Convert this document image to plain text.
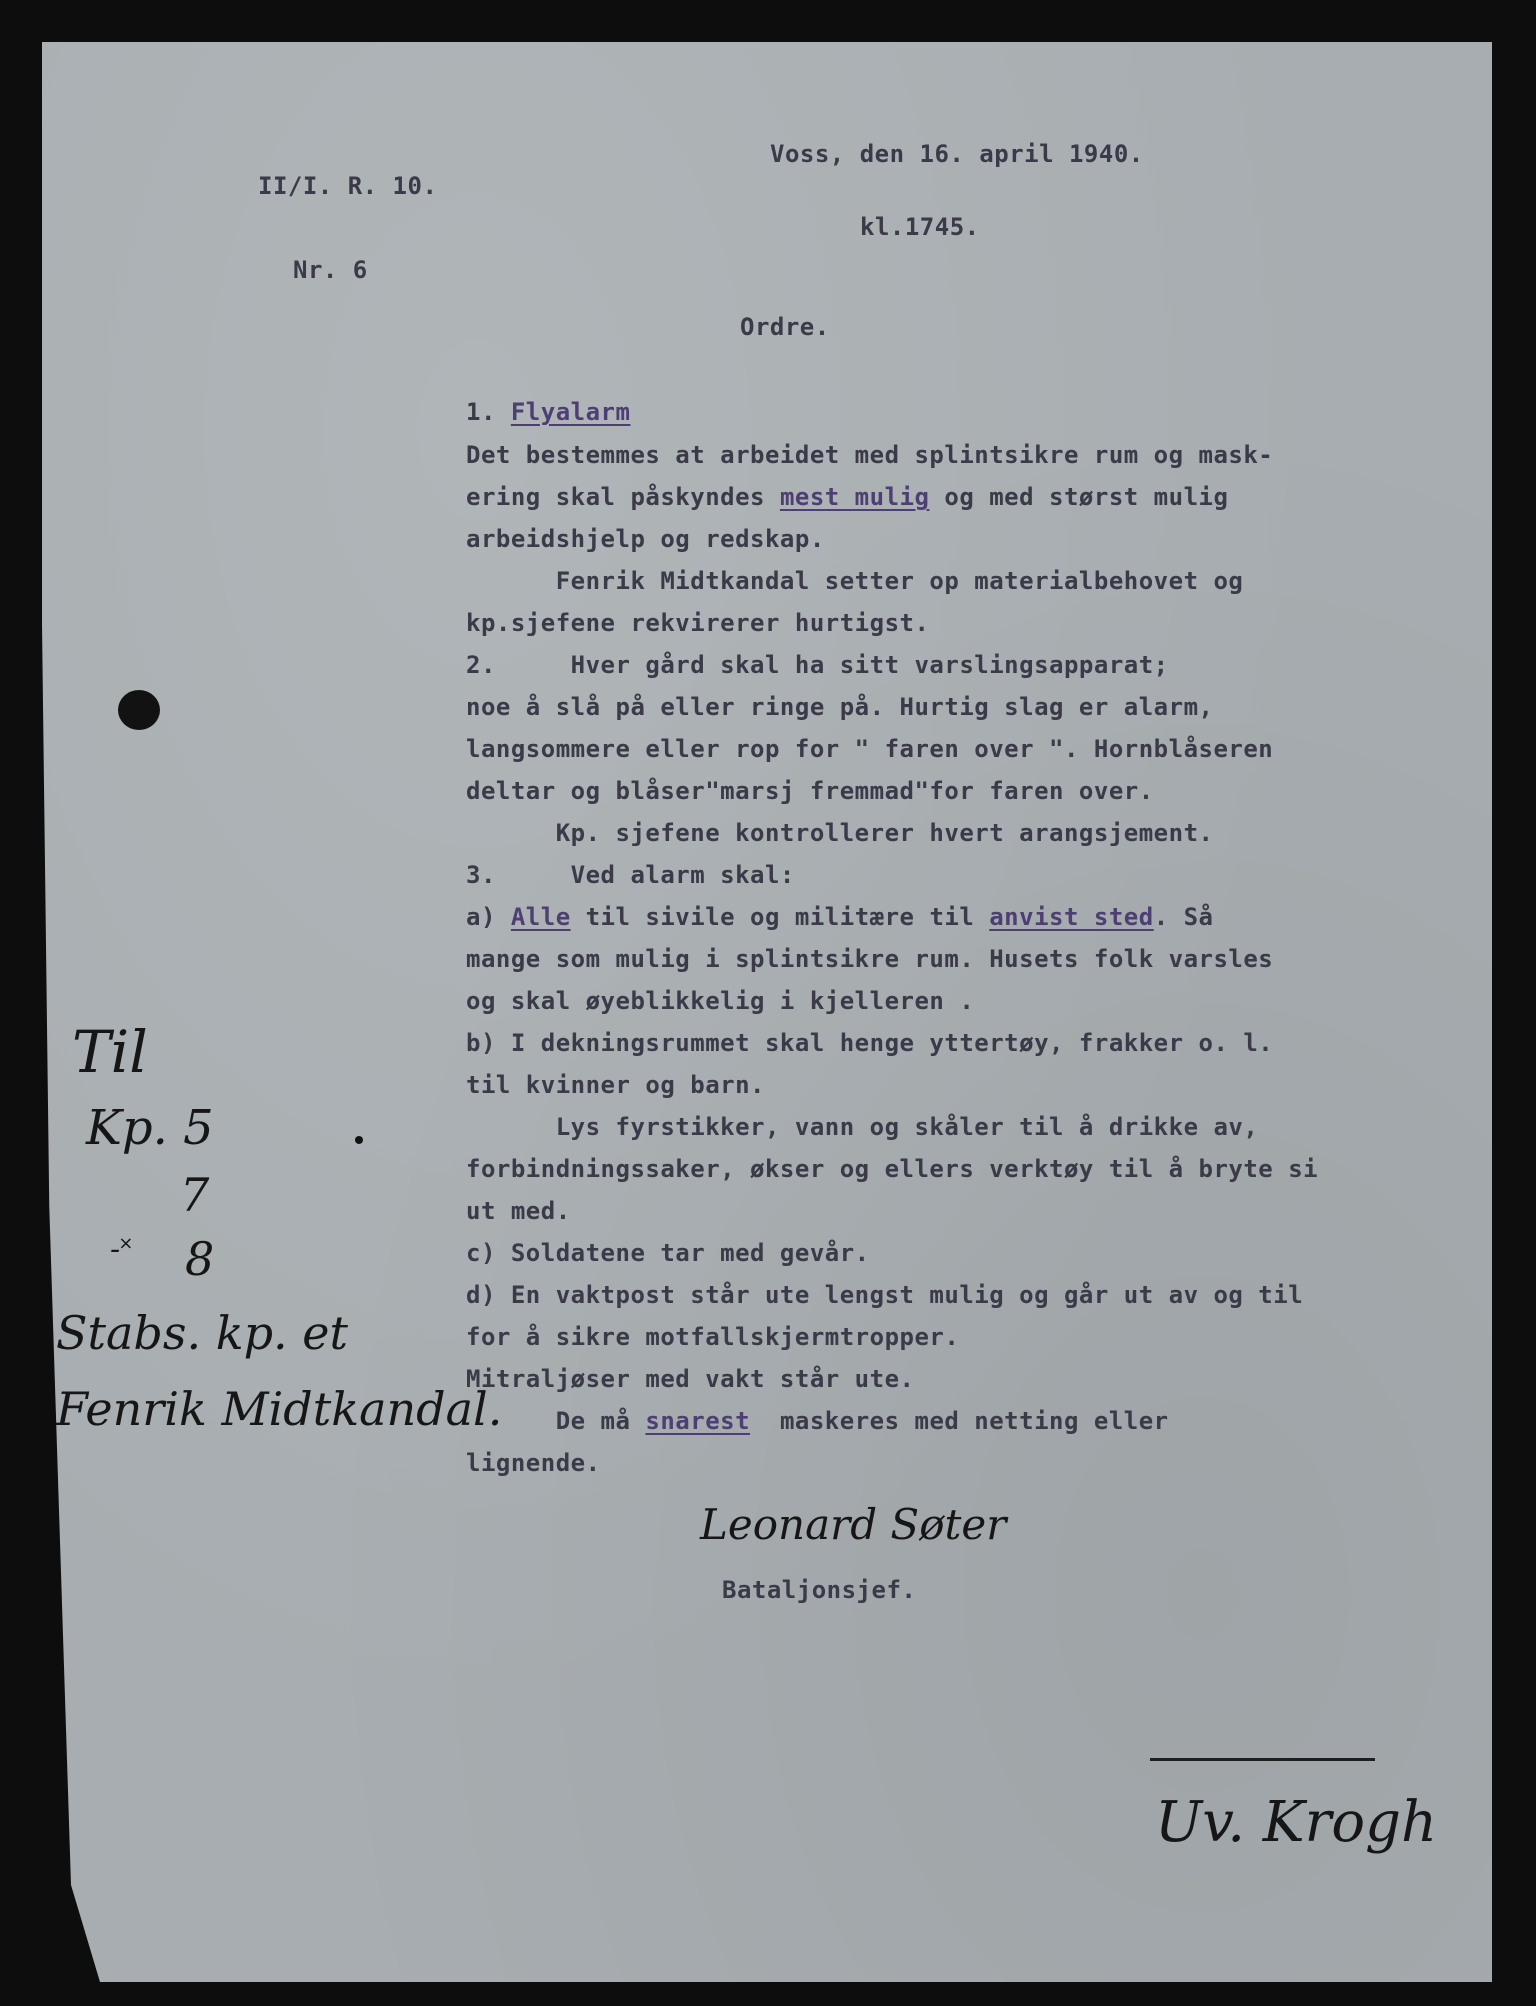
Voss, den 16. april 1940.
II/I. R. 10.
kl.1745.
Nr. 6
Ordre.
1. Flyalarm
Det bestemmes at arbeidet med splintsikre rum og mask-
ering skal påskyndes mest mulig og med størst mulig
arbeidshjelp og redskap.
Fenrik Midtkandal setter op materialbehovet og
kp.sjefene rekvirerer hurtigst.
2.     Hver gård skal ha sitt varslingsapparat;
noe å slå på eller ringe på. Hurtig slag er alarm,
langsommere eller rop for " faren over ". Hornblåseren
deltar og blåser"marsj fremmad"for faren over.
Kp. sjefene kontrollerer hvert arangsjement.
3.     Ved alarm skal:
a) Alle til sivile og militære til anvist sted. Så
mange som mulig i splintsikre rum. Husets folk varsles
og skal øyeblikkelig i kjelleren .
b) I dekningsrummet skal henge yttertøy, frakker o. l.
til kvinner og barn.
Lys fyrstikker, vann og skåler til å drikke av,
forbindningssaker, økser og ellers verktøy til å bryte si
ut med.
c) Soldatene tar med gevår.
d) En vaktpost står ute lengst mulig og går ut av og til
for å sikre motfallskjermtropper.
Mitraljøser med vakt står ute.
De må snarest  maskeres med netting eller
lignende.
Leonard Søter
Bataljonsjef.
Til
Kp. 5
7
-˟ 8
Stabs. kp. et
Fenrik Midtkandal.
Uv. Krogh
